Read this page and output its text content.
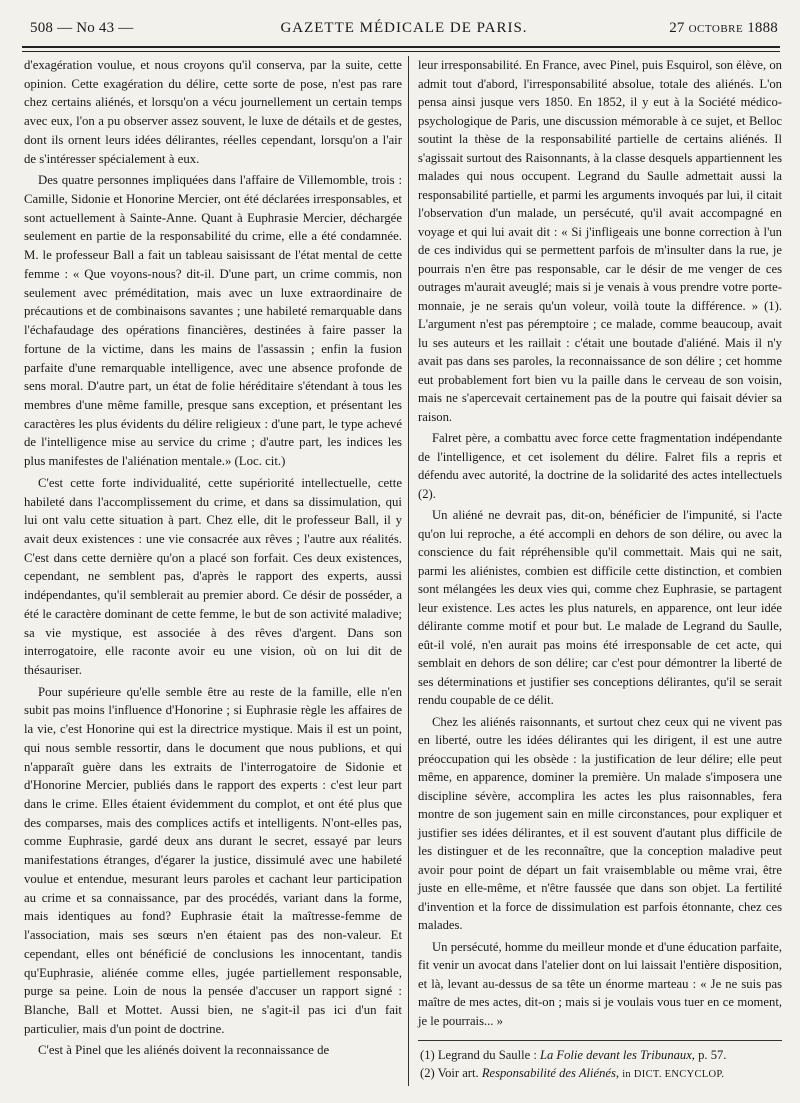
508 — No 43 —	GAZETTE MÉDICALE DE PARIS.	27 OCTOBRE 1888

d'exagération voulue, et nous croyons qu'il conserva, par la suite, cette opinion. Cette exagération du délire, cette sorte de pose, n'est pas rare chez certains aliénés, et lorsqu'on a vécu journellement un certain temps avec eux, l'on a pu observer assez souvent, le luxe de détails et de gestes, dont ils ornent leurs idées délirantes, réelles cependant, lorsqu'on a l'air de s'intéresser spécialement à eux.

Des quatre personnes impliquées dans l'affaire de Villemomble, trois : Camille, Sidonie et Honorine Mercier, ont été déclarées irresponsables, et sont actuellement à Sainte-Anne. Quant à Euphrasie Mercier, déchargée seulement en partie de la responsabilité du crime, elle a été condamnée. M. le professeur Ball a fait un tableau saisissant de l'état mental de cette femme : « Que voyons-nous? dit-il. D'une part, un crime commis, non seulement avec préméditation, mais avec un luxe extraordinaire de précautions et de combinaisons savantes ; une habileté remarquable dans l'échafaudage des opérations financières, destinées à faire passer la fortune de la victime, dans les mains de l'assassin ; enfin la fusion parfaite d'une remarquable intelligence, avec une absence profonde de sens moral. D'autre part, un état de folie héréditaire s'étendant à tous les membres d'une même famille, presque sans exception, et présentant les caractères les plus évidents du délire religieux : d'une part, le type achevé de l'intelligence mise au service du crime ; d'autre part, les indices les plus manifestes de l'aliénation mentale.» (Loc. cit.)

C'est cette forte individualité, cette supériorité intellectuelle, cette habileté dans l'accomplissement du crime, et dans sa dissimulation, qui lui ont valu cette situation à part. Chez elle, dit le professeur Ball, il y avait deux existences : une vie consacrée aux rêves ; l'autre aux réalités. C'est dans cette dernière qu'on a placé son forfait. Ces deux existences, cependant, ne semblent pas, d'après le rapport des experts, aussi indépendantes, qu'il semblerait au premier abord. Ce désir de posséder, a été le caractère dominant de cette femme, le but de son activité maladive; sa vie mystique, est associée à des rêves d'argent. Dans son interrogatoire, elle raconte avoir eu une vision, où on lui dit de thésauriser.

Pour supérieure qu'elle semble être au reste de la famille, elle n'en subit pas moins l'influence d'Honorine ; si Euphrasie règle les affaires de la vie, c'est Honorine qui est la directrice mystique. Mais il est un point, qui nous semble ressortir, dans le document que nous publions, et qui n'apparaît guère dans les extraits de l'interrogatoire de Sidonie et d'Honorine Mercier, publiés dans le rapport des experts : c'est leur part dans le crime. Elles étaient évidemment du complot, et ont été plus que des comparses, mais des complices actifs et intelligents. N'ont-elles pas, comme Euphrasie, gardé deux ans durant le secret, essayé par leurs manifestations étranges, d'égarer la justice, dissimulé avec une habileté voulue et entendue, mesurant leurs paroles et cachant leur participation au crime et sa connaissance, par des procédés, variant dans la forme, mais identiques au fond? Euphrasie était la maîtresse-femme de l'association, mais ses sœurs n'en étaient pas des non-valeur. Et cependant, elles ont bénéficié de conclusions les innocentant, tandis qu'Euphrasie, aliénée comme elles, jugée partiellement responsable, purge sa peine. Loin de nous la pensée d'accuser un rapport signé : Blanche, Ball et Mottet. Aussi bien, ne s'agit-il pas ici d'un fait particulier, mais d'un point de doctrine.

C'est à Pinel que les aliénés doivent la reconnaissance de

leur irresponsabilité. En France, avec Pinel, puis Esquirol, son élève, on admit tout d'abord, l'irresponsabilité absolue, totale des aliénés. L'on pensa ainsi jusque vers 1850. En 1852, il y eut à la Société médico-psychologique de Paris, une discussion mémorable à ce sujet, et Belloc soutint la thèse de la responsabilité partielle de certains aliénés. Il s'agissait surtout des Raisonnants, à la classe desquels appartiennent les malades qui nous occupent. Legrand du Saulle admettait aussi la responsabilité partielle, et parmi les arguments invoqués par lui, il citait l'observation d'un malade, un persécuté, qu'il avait accompagné en voyage et qui lui avait dit : « Si j'infligeais une bonne correction à l'un de ces individus qui se permettent parfois de m'insulter dans la rue, je pourrais n'en être pas responsable, car le désir de me venger de ces outrages m'aurait aveuglé; mais si je venais à vous prendre votre porte-monnaie, je ne serais qu'un voleur, voilà toute la différence. » (1). L'argument n'est pas péremptoire ; ce malade, comme beaucoup, avait lu ses auteurs et les raillait : c'était une boutade d'aliéné. Mais il n'y avait pas dans ses paroles, la reconnaissance de son délire ; cet homme eut probablement fort bien vu la paille dans le cerveau de son voisin, mais ne s'apercevait certainement pas de la poutre qui faisait dévier sa raison.

Falret père, a combattu avec force cette fragmentation indépendante de l'intelligence, et cet isolement du délire. Falret fils a repris et défendu avec autorité, la doctrine de la solidarité des actes intellectuels (2).

Un aliéné ne devrait pas, dit-on, bénéficier de l'impunité, si l'acte qu'on lui reproche, a été accompli en dehors de son délire, ou avec la conscience du fait répréhensible qu'il commettait. Mais qui ne sait, parmi les aliénistes, combien est difficile cette distinction, et combien sont mélangées les deux vies qui, comme chez Euphrasie, se partagent leur existence. Les actes les plus naturels, en apparence, ont leur idée délirante comme motif et pour but. Le malade de Legrand du Saulle, eût-il volé, n'en aurait pas moins été irresponsable de cet acte, qui semblait en dehors de son délire; car c'est pour démontrer la liberté de ses déterminations et justifier ses conceptions délirantes, qu'il se serait rendu coupable de ce délit.

Chez les aliénés raisonnants, et surtout chez ceux qui ne vivent pas en liberté, outre les idées délirantes qui les dirigent, il est une autre préoccupation qui les obsède : la justification de leur délire; elle peut même, en apparence, dominer la première. Un malade s'imposera une discipline sévère, accomplira les actes les plus raisonnables, fera montre de son jugement sain en mille circonstances, pour expliquer et justifier ses idées délirantes, et il est souvent d'autant plus difficile de les distinguer et de les reconnaître, que la conception maladive peut avoir pour point de départ un fait vraisemblable ou même vrai, être juste en elle-même, et n'être faussée que dans son objet. La fertilité d'invention et la force de dissimulation est parfois étonnante, chez ces malades.

Un persécuté, homme du meilleur monde et d'une éducation parfaite, fit venir un avocat dans l'atelier dont on lui laissait l'entière disposition, et là, levant au-dessus de sa tête un énorme marteau : « Je ne suis pas maître de mes actes, dit-on ; mais si je voulais vous tuer en ce moment, je le pourrais... »

(1) Legrand du Saulle : La Folie devant les Tribunaux, p. 57.
(2) Voir art. Responsabilité des Aliénés, in DICT. ENCYCLOP.
